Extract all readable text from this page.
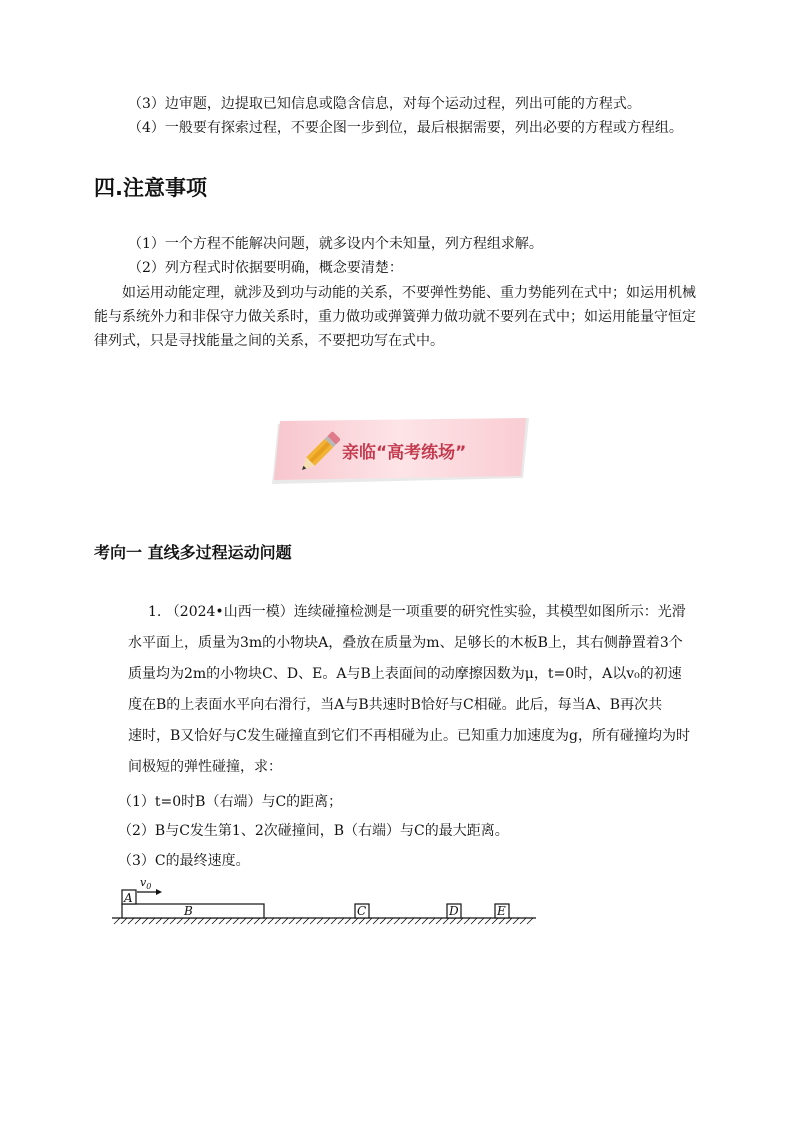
（3）边审题，边提取已知信息或隐含信息，对每个运动过程，列出可能的方程式。
（4）一般要有探索过程，不要企图一步到位，最后根据需要，列出必要的方程或方程组。
四.注意事项
（1）一个方程不能解决问题，就多设内个未知量，列方程组求解。
（2）列方程式时依据要明确，概念要清楚：
如运用动能定理，就涉及到功与动能的关系，不要弹性势能、重力势能列在式中；如运用机械
能与系统外力和非保守力做关系时，重力做功或弹簧弹力做功就不要列在式中；如运用能量守恒定
律列式，只是寻找能量之间的关系，不要把功写在式中。
亲临“高考练场”
考向一 直线多过程运动问题
1. （2024•山西一模）连续碰撞检测是一项重要的研究性实验，其模型如图所示：光滑
水平面上，质量为3m的小物块A，叠放在质量为m、足够长的木板B上，其右侧静置着3个
质量均为2m的小物块C、D、E。A与B上表面间的动摩擦因数为μ，t=0时，A以v₀的初速
度在B的上表面水平向右滑行，当A与B共速时B恰好与C相碰。此后，每当A、B再次共
速时，B又恰好与C发生碰撞直到它们不再相碰为止。已知重力加速度为g，所有碰撞均为时
间极短的弹性碰撞，求：
（1）t=0时B（右端）与C的距离；
（2）B与C发生第1、2次碰撞间，B（右端）与C的最大距离。
（3）C的最终速度。
A
B	C	D	E
$v_0$
